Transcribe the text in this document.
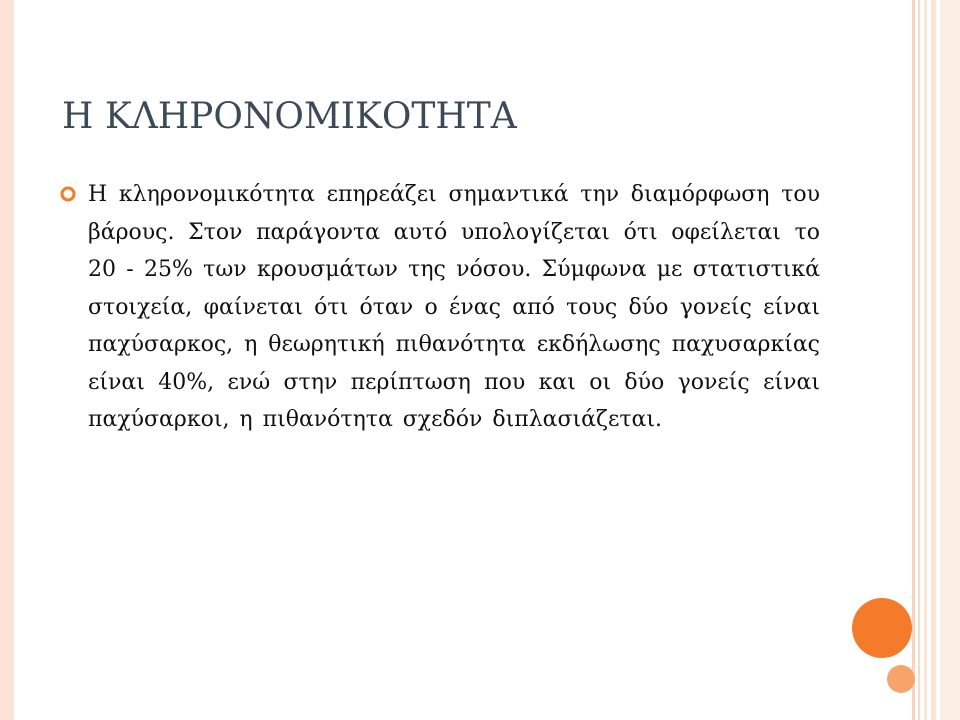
Η ΚΛΗΡΟΝΟΜΙΚΟΤΗΤΑ

Η κληρονομικότητα επηρεάζει σημαντικά την διαμόρφωση του βάρους. Στον παράγοντα αυτό υπολογίζεται ότι οφείλεται το 20 - 25% των κρουσμάτων της νόσου. Σύμφωνα με στατιστικά στοιχεία, φαίνεται ότι όταν ο ένας από τους δύο γονείς είναι παχύσαρκος, η θεωρητική πιθανότητα εκδήλωσης παχυσαρκίας είναι 40%, ενώ στην περίπτωση που και οι δύο γονείς είναι παχύσαρκοι, η πιθανότητα σχεδόν διπλασιάζεται.
